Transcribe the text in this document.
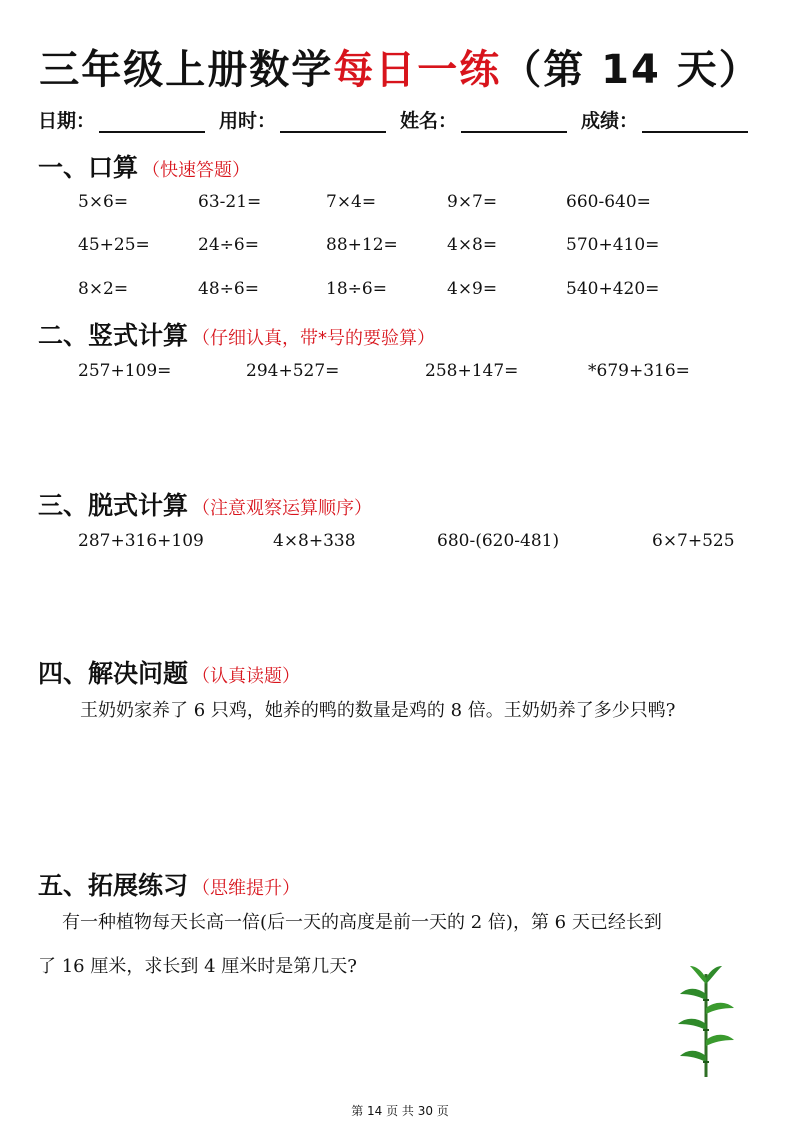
三年级上册数学每日一练（第 14 天）
日期：	用时：	姓名：	成绩：
一、口算 （快速答题）
5×6=	63-21=	7×4=	9×7=	660-640=
45+25=	24÷6=	88+12=	4×8=	570+410=
8×2=	48÷6=	18÷6=	4×9=	540+420=
二、竖式计算 （仔细认真，带*号的要验算）
257+109=	294+527=	258+147=	*679+316=
三、脱式计算 （注意观察运算顺序）
287+316+109	4×8+338	680-(620-481)	6×7+525
四、解决问题 （认真读题）
王奶奶家养了 6 只鸡，她养的鸭的数量是鸡的 8 倍。王奶奶养了多少只鸭?
五、拓展练习 （思维提升）
有一种植物每天长高一倍(后一天的高度是前一天的 2 倍)，第 6 天已经长到
了 16 厘米，求长到 4 厘米时是第几天?
第 14 页 共 30 页
